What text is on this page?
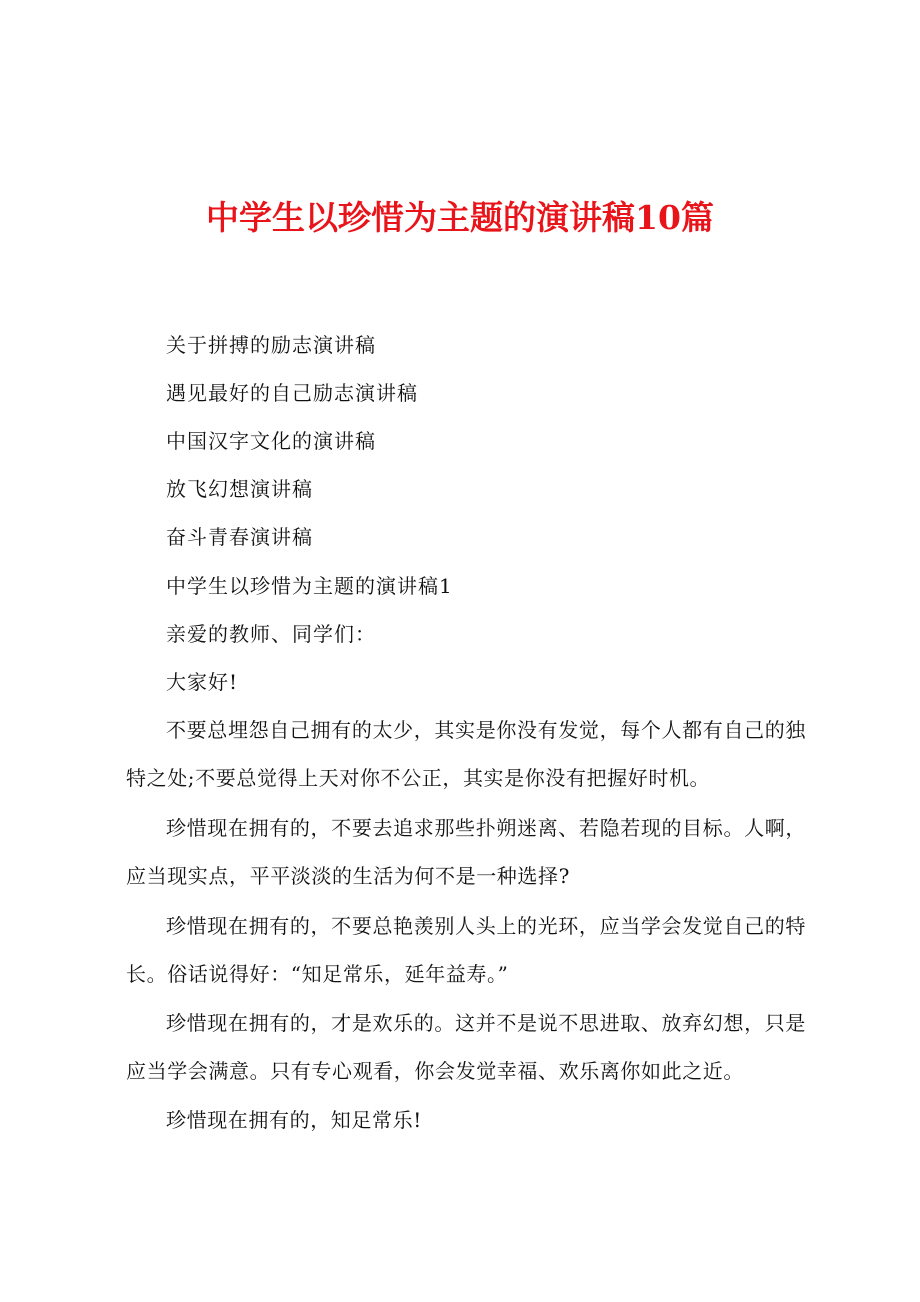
中学生以珍惜为主题的演讲稿10篇
关于拼搏的励志演讲稿
遇见最好的自己励志演讲稿
中国汉字文化的演讲稿
放飞幻想演讲稿
奋斗青春演讲稿
中学生以珍惜为主题的演讲稿1
亲爱的教师、同学们：
大家好!
不要总埋怨自己拥有的太少，其实是你没有发觉，每个人都有自己的独特之处;不要总觉得上天对你不公正，其实是你没有把握好时机。
珍惜现在拥有的，不要去追求那些扑朔迷离、若隐若现的目标。人啊，应当现实点，平平淡淡的生活为何不是一种选择?
珍惜现在拥有的，不要总艳羡别人头上的光环，应当学会发觉自己的特长。俗话说得好：“知足常乐，延年益寿。”
珍惜现在拥有的，才是欢乐的。这并不是说不思进取、放弃幻想，只是应当学会满意。只有专心观看，你会发觉幸福、欢乐离你如此之近。
珍惜现在拥有的，知足常乐!
